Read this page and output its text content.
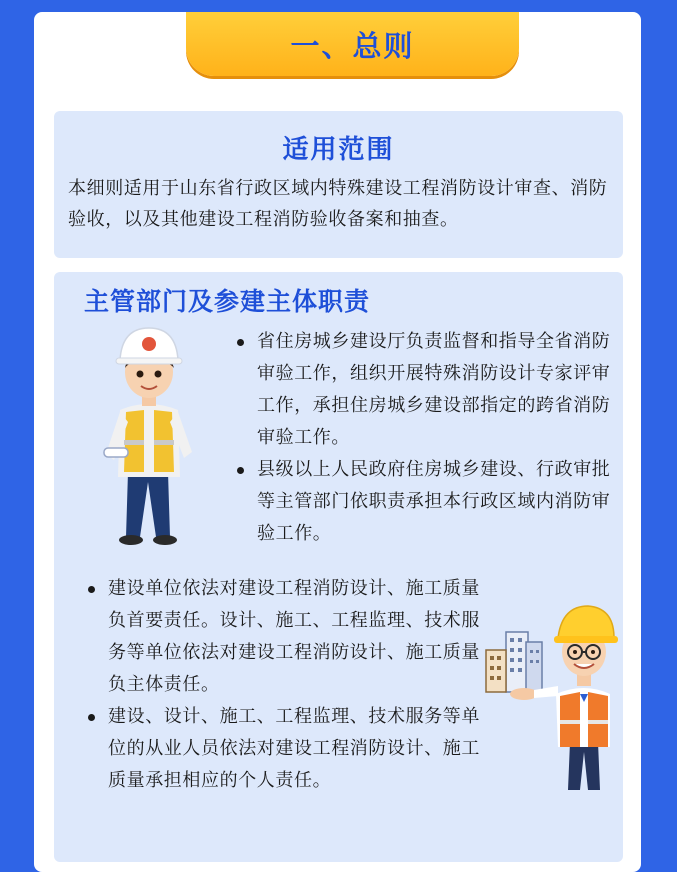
一、总则
适用范围

本细则适用于山东省行政区域内特殊建设工程消防设计审查、消防验收，以及其他建设工程消防验收备案和抽查。

主管部门及参建主体职责
省住房城乡建设厅负责监督和指导全省消防审验工作，组织开展特殊消防设计专家评审工作，承担住房城乡建设部指定的跨省消防审验工作。
县级以上人民政府住房城乡建设、行政审批等主管部门依职责承担本行政区域内消防审验工作。
建设单位依法对建设工程消防设计、施工质量负首要责任。设计、施工、工程监理、技术服务等单位依法对建设工程消防设计、施工质量负主体责任。
建设、设计、施工、工程监理、技术服务等单位的从业人员依法对建设工程消防设计、施工质量承担相应的个人责任。
